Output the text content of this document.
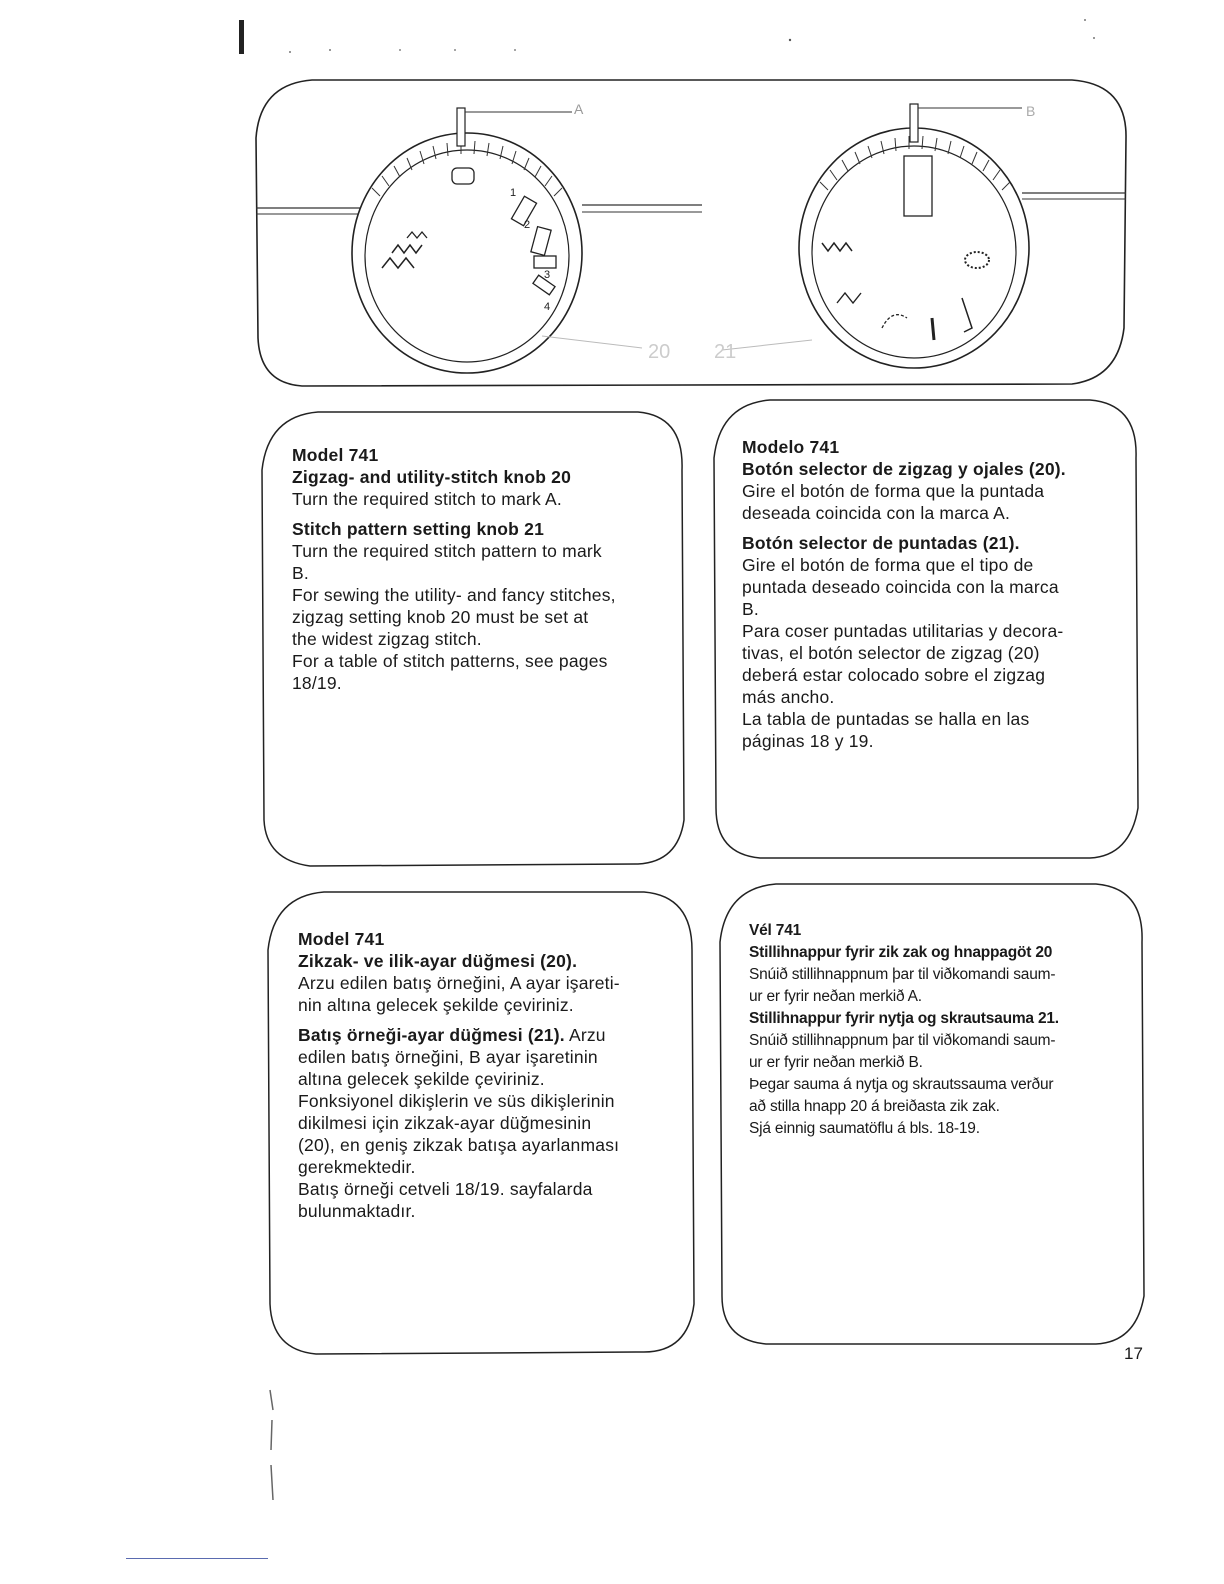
1
2
3
4
A
20
B
21

Model 741

Zigzag- and utility-stitch knob 20

Turn the required stitch to mark A.

Stitch pattern setting knob 21

Turn the required stitch pattern to mark

B.

For sewing the utility- and fancy stitches,

zigzag setting knob 20 must be set at

the widest zigzag stitch.

For a table of stitch patterns, see pages

18/19.

Modelo 741

Botón selector de zigzag y ojales (20).

Gire el botón de forma que la puntada

deseada coincida con la marca A.

Botón selector de puntadas (21).

Gire el botón de forma que el tipo de

puntada deseado coincida con la marca

B.

Para coser puntadas utilitarias y decora-

tivas, el botón selector de zigzag (20)

deberá estar colocado sobre el zigzag

más ancho.

La tabla de puntadas se halla en las

páginas 18 y 19.

Model 741

Zikzak- ve ilik-ayar düğmesi (20).

Arzu edilen batış örneğini, A ayar işareti-

nin altına gelecek şekilde çeviriniz.

Batış örneği-ayar düğmesi (21). Arzu

edilen batış örneğini, B ayar işaretinin

altına gelecek şekilde çeviriniz.

Fonksiyonel dikişlerin ve süs dikişlerinin

dikilmesi için zikzak-ayar düğmesinin

(20), en geniş zikzak batışa ayarlanması

gerekmektedir.

Batış örneği cetveli 18/19. sayfalarda

bulunmaktadır.

Vél 741

Stillihnappur fyrir zik zak og hnappagöt 20

Snúið stillihnappnum þar til viðkomandi saum-

ur er fyrir neðan merkið A.

Stillihnappur fyrir nytja og skrautsauma 21.

Snúið stillihnappnum þar til viðkomandi saum-

ur er fyrir neðan merkið B.

Þegar sauma á nytja og skrautssauma verður

að stilla hnapp 20 á breiðasta zik zak.

Sjá einnig saumatöflu á bls. 18-19.

17
